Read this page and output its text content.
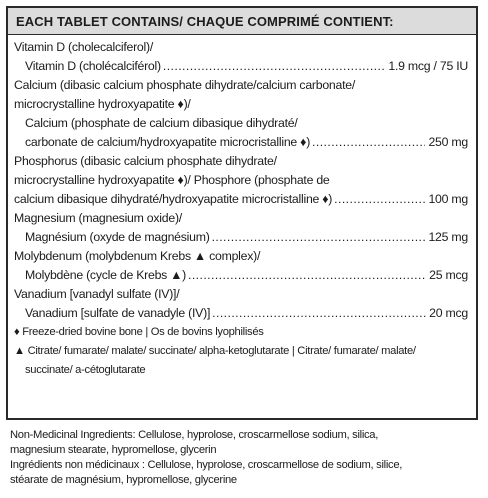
EACH TABLET CONTAINS/ CHAQUE COMPRIMÉ CONTIENT:
Vitamin D (cholecalciferol)/
Vitamin D (cholécalciférol) . . .	1.9 mcg / 75 IU
Calcium (dibasic calcium phosphate dihydrate/calcium carbonate/
microcrystalline hydroxyapatite ♦)/
Calcium (phosphate de calcium dibasique dihydraté/
carbonate de calcium/hydroxyapatite microcristalline ♦) . . .	250 mg
Phosphorus (dibasic calcium phosphate dihydrate/
microcrystalline hydroxyapatite ♦)/ Phosphore (phosphate de
calcium dibasique dihydraté/hydroxyapatite microcristalline ♦) . . .	100 mg
Magnesium (magnesium oxide)/
Magnésium (oxyde de magnésium) . . .	125 mg
Molybdenum (molybdenum Krebs ▲ complex)/
Molybdène (cycle de Krebs ▲) . . .	25 mcg
Vanadium [vanadyl sulfate (IV)]/
Vanadium [sulfate de vanadyle (IV)] . . .	20 mcg
♦ Freeze-dried bovine bone | Os de bovins lyophilisés
▲ Citrate/ fumarate/ malate/ succinate/ alpha-ketoglutarate | Citrate/ fumarate/ malate/
succinate/ a-cétoglutarate
Non-Medicinal Ingredients: Cellulose, hyprolose, croscarmellose sodium, silica,
magnesium stearate, hypromellose, glycerin
Ingrédients non médicinaux : Cellulose, hyprolose, croscarmellose de sodium, silice,
stéarate de magnésium, hypromellose, glycerine
